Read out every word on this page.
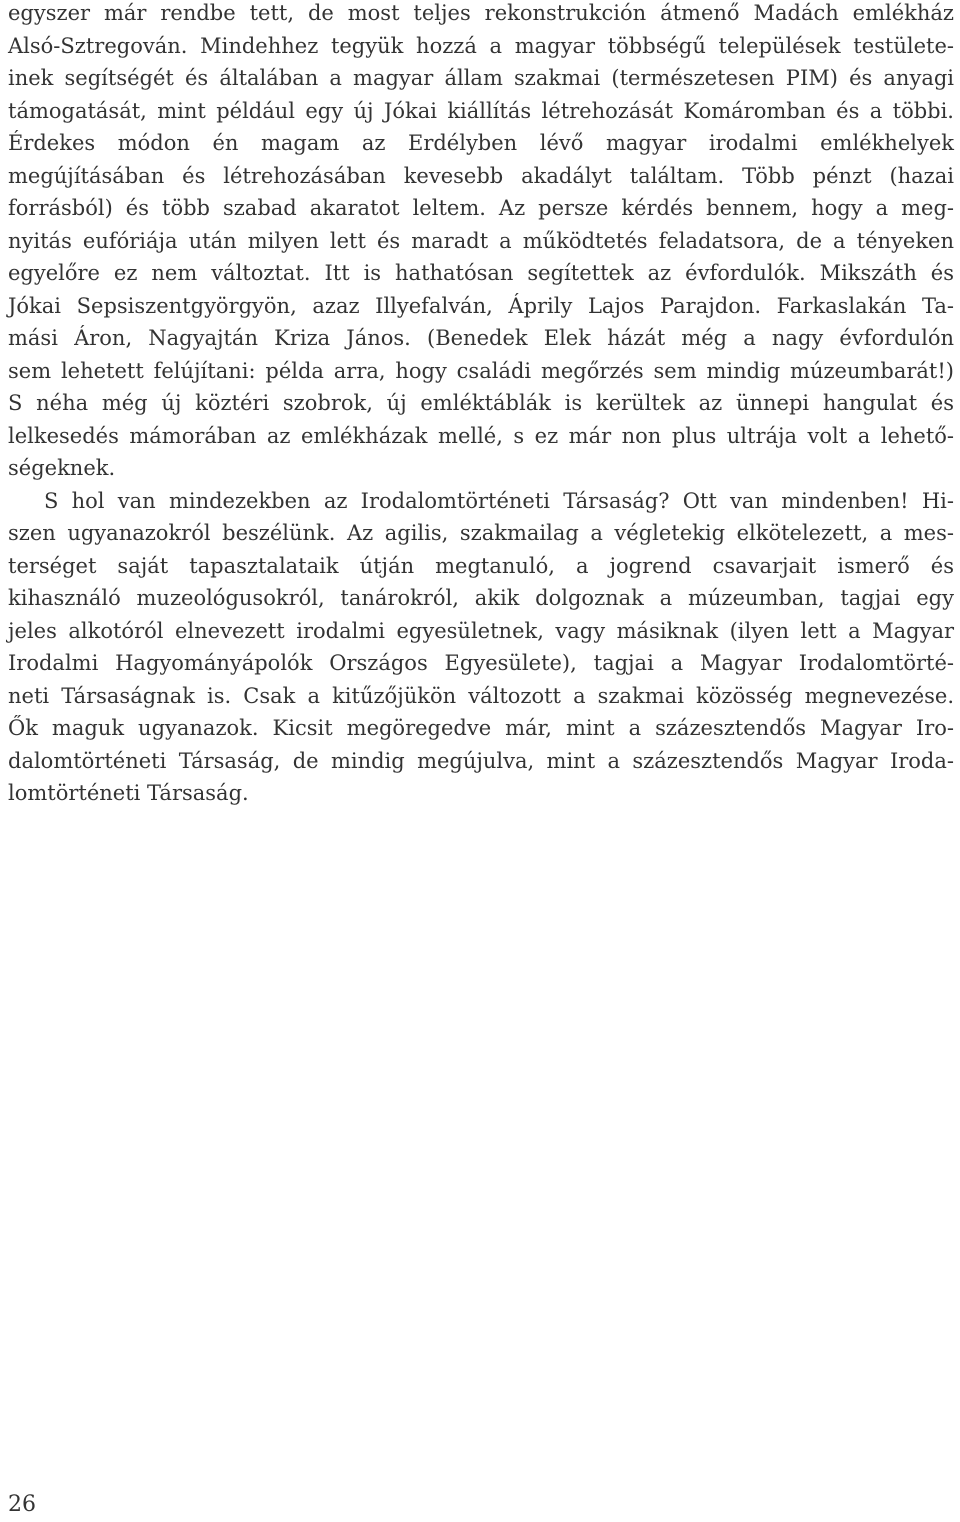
egyszer már rendbe tett, de most teljes rekonstrukción átmenő Madách emlékház
Alsó-Sztregován. Mindehhez tegyük hozzá a magyar többségű települések testülete-
inek segítségét és általában a magyar állam szakmai (természetesen PIM) és anyagi
támogatását, mint például egy új Jókai kiállítás létrehozását Komáromban és a többi.
Érdekes módon én magam az Erdélyben lévő magyar irodalmi emlékhelyek
megújításában és létrehozásában kevesebb akadályt találtam. Több pénzt (hazai
forrásból) és több szabad akaratot leltem. Az persze kérdés bennem, hogy a meg-
nyitás eufóriája után milyen lett és maradt a működtetés feladatsora, de a tényeken
egyelőre ez nem változtat. Itt is hathatósan segítettek az évfordulók. Mikszáth és
Jókai Sepsiszentgyörgyön, azaz Illyefalván, Áprily Lajos Parajdon. Farkaslakán Ta-
mási Áron, Nagyajtán Kriza János. (Benedek Elek házát még a nagy évfordulón
sem lehetett felújítani: példa arra, hogy családi megőrzés sem mindig múzeumbarát!)
S néha még új köztéri szobrok, új emléktáblák is kerültek az ünnepi hangulat és
lelkesedés mámorában az emlékházak mellé, s ez már non plus ultrája volt a lehető-
ségeknek.
S hol van mindezekben az Irodalomtörténeti Társaság? Ott van mindenben! Hi-
szen ugyanazokról beszélünk. Az agilis, szakmailag a végletekig elkötelezett, a mes-
terséget saját tapasztalataik útján megtanuló, a jogrend csavarjait ismerő és
kihasználó muzeológusokról, tanárokról, akik dolgoznak a múzeumban, tagjai egy
jeles alkotóról elnevezett irodalmi egyesületnek, vagy másiknak (ilyen lett a Magyar
Irodalmi Hagyományápolók Országos Egyesülete), tagjai a Magyar Irodalomtörté-
neti Társaságnak is. Csak a kitűzőjükön változott a szakmai közösség megnevezése.
Ők maguk ugyanazok. Kicsit megöregedve már, mint a százesztendős Magyar Iro-
dalomtörténeti Társaság, de mindig megújulva, mint a százesztendős Magyar Iroda-
lomtörténeti Társaság.
26
